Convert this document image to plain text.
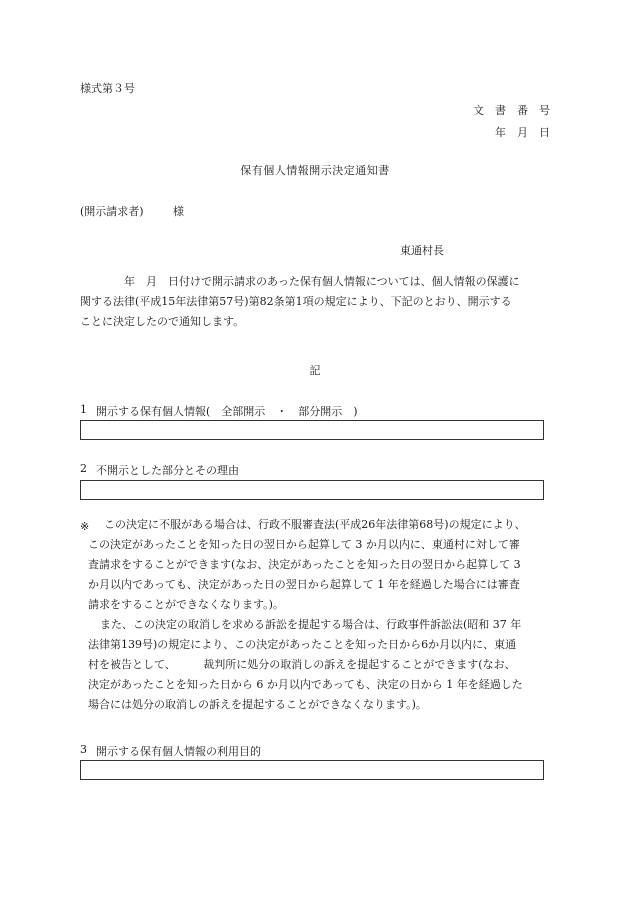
様式第３号
文　書　番　号
年　月　日
保有個人情報開示決定通知書
(開示請求者)	様
東通村長
年　月　日付けで開示請求のあった保有個人情報については、個人情報の保護に
関する法律(平成15年法律第57号)第82条第1項の規定により、下記のとおり、開示する
ことに決定したので通知します。
記
1 開示する保有個人情報(　全部開示　・　部分開示　)
2 不開示とした部分とその理由
※	この決定に不服がある場合は、行政不服審査法(平成26年法律第68号)の規定により、
この決定があったことを知った日の翌日から起算して 3 か月以内に、東通村に対して審
査請求をすることができます(なお、決定があったことを知った日の翌日から起算して 3
か月以内であっても、決定があった日の翌日から起算して 1 年を経過した場合には審査
請求をすることができなくなります。)。
また、この決定の取消しを求める訴訟を提起する場合は、行政事件訴訟法(昭和 37 年
法律第139号)の規定により、この決定があったことを知った日から6か月以内に、東通
村を被告として、　　　裁判所に処分の取消しの訴えを提起することができます(なお、
決定があったことを知った日から 6 か月以内であっても、決定の日から 1 年を経過した
場合には処分の取消しの訴えを提起することができなくなります。)。
3 開示する保有個人情報の利用目的
